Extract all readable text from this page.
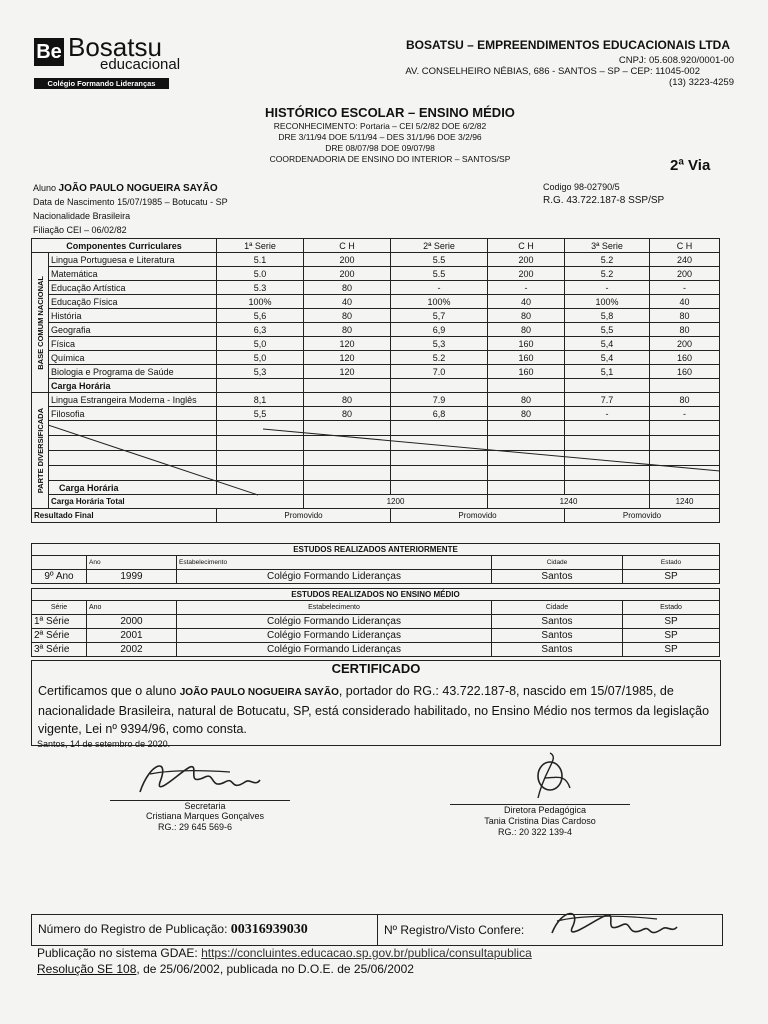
Be Bosatsu
educacional
Colégio Formando Lideranças
BOSATSU – EMPREENDIMENTOS EDUCACIONAIS LTDA
CNPJ: 05.608.920/0001-00
AV. CONSELHEIRO NÉBIAS, 686 - SANTOS – SP – CEP: 11045-002
(13) 3223-4259
HISTÓRICO ESCOLAR – ENSINO MÉDIO
RECONHECIMENTO: Portaria – CEI 5/2/82 DOE 6/2/82
DRE 3/11/94 DOE 5/11/94 – DES 31/1/96 DOE 3/2/96
DRE 08/07/98 DOE 09/07/98
COORDENADORIA DE ENSINO DO INTERIOR – SANTOS/SP	2ª Via
Aluno JOÃO PAULO NOGUEIRA SAYÃO
Data de Nascimento 15/07/1985 – Botucatu - SP
Nacionalidade Brasileira
Filiação CEI – 06/02/82
Codigo 98-02790/5
R.G. 43.722.187-8 SSP/SP
Componentes Curriculares		1ª Serie	C H	2ª Serie	C H	3ª Serie	C H

BASE COMUM NACIONAL	Lingua Portuguesa e Literatura	5.1	200	5.5	200	5.2	240
	Matemática	5.0	200	5.5	200	5.2	200
	Educação Artística	5.3	80	-	-	-	-
	Educação Física	100%	40	100%	40	100%	40
	História	5,6	80	5,7	80	5,8	80
	Geografia	6,3	80	6,9	80	5,5	80
	Física	5,0	120	5,3	160	5,4	200
	Química	5,0	120	5.2	160	5,4	160
	Biologia e Programa de Saúde	5,3	120	7.0	160	5,1	160
	Carga Horária						

PARTE DIVERSIFICADA	Lingua Estrangeira Moderna - Inglês	8,1	80	7.9	80	7.7	80
	Filosofia	5,5	80	6,8	80	-	-

	Carga Horária						
	Carga Horária Total		1200		1240		1240
Resultado Final		Promovido		Promovido		Promovido	
ESTUDOS REALIZADOS ANTERIORMENTE				
	Ano	Estabelecimento	Cidade	Estado
9º Ano	1999	Colégio Formando Lideranças	Santos	SP
ESTUDOS REALIZADOS NO ENSINO MÉDIO				
Série	Ano	Estabelecimento	Cidade	Estado
1ª Série	2000	Colégio Formando Lideranças	Santos	SP
2ª Série	2001	Colégio Formando Lideranças	Santos	SP
3ª Série	2002	Colégio Formando Lideranças	Santos	SP
CERTIFICADO
Certificamos que o aluno JOÃO PAULO NOGUEIRA SAYÃO, portador do RG.: 43.722.187-8, nascido em 15/07/1985, de nacionalidade Brasileira, natural de Botucatu, SP, está considerado habilitado, no Ensino Médio nos termos da legislação vigente, Lei nº 9394/96, como consta.
Santos, 14 de setembro de 2020.
Secretaria
Cristiana Marques Gonçalves
RG.: 29 645 569-6
Diretora Pedagógica
Tania Cristina Dias Cardoso
RG.: 20 322 139-4
Número do Registro de Publicação: 00316939030	Nº Registro/Visto Confere:
Publicação no sistema GDAE: https://concluintes.educacao.sp.gov.br/publica/consultapublica
Resolução SE 108, de 25/06/2002, publicada no D.O.E. de 25/06/2002
